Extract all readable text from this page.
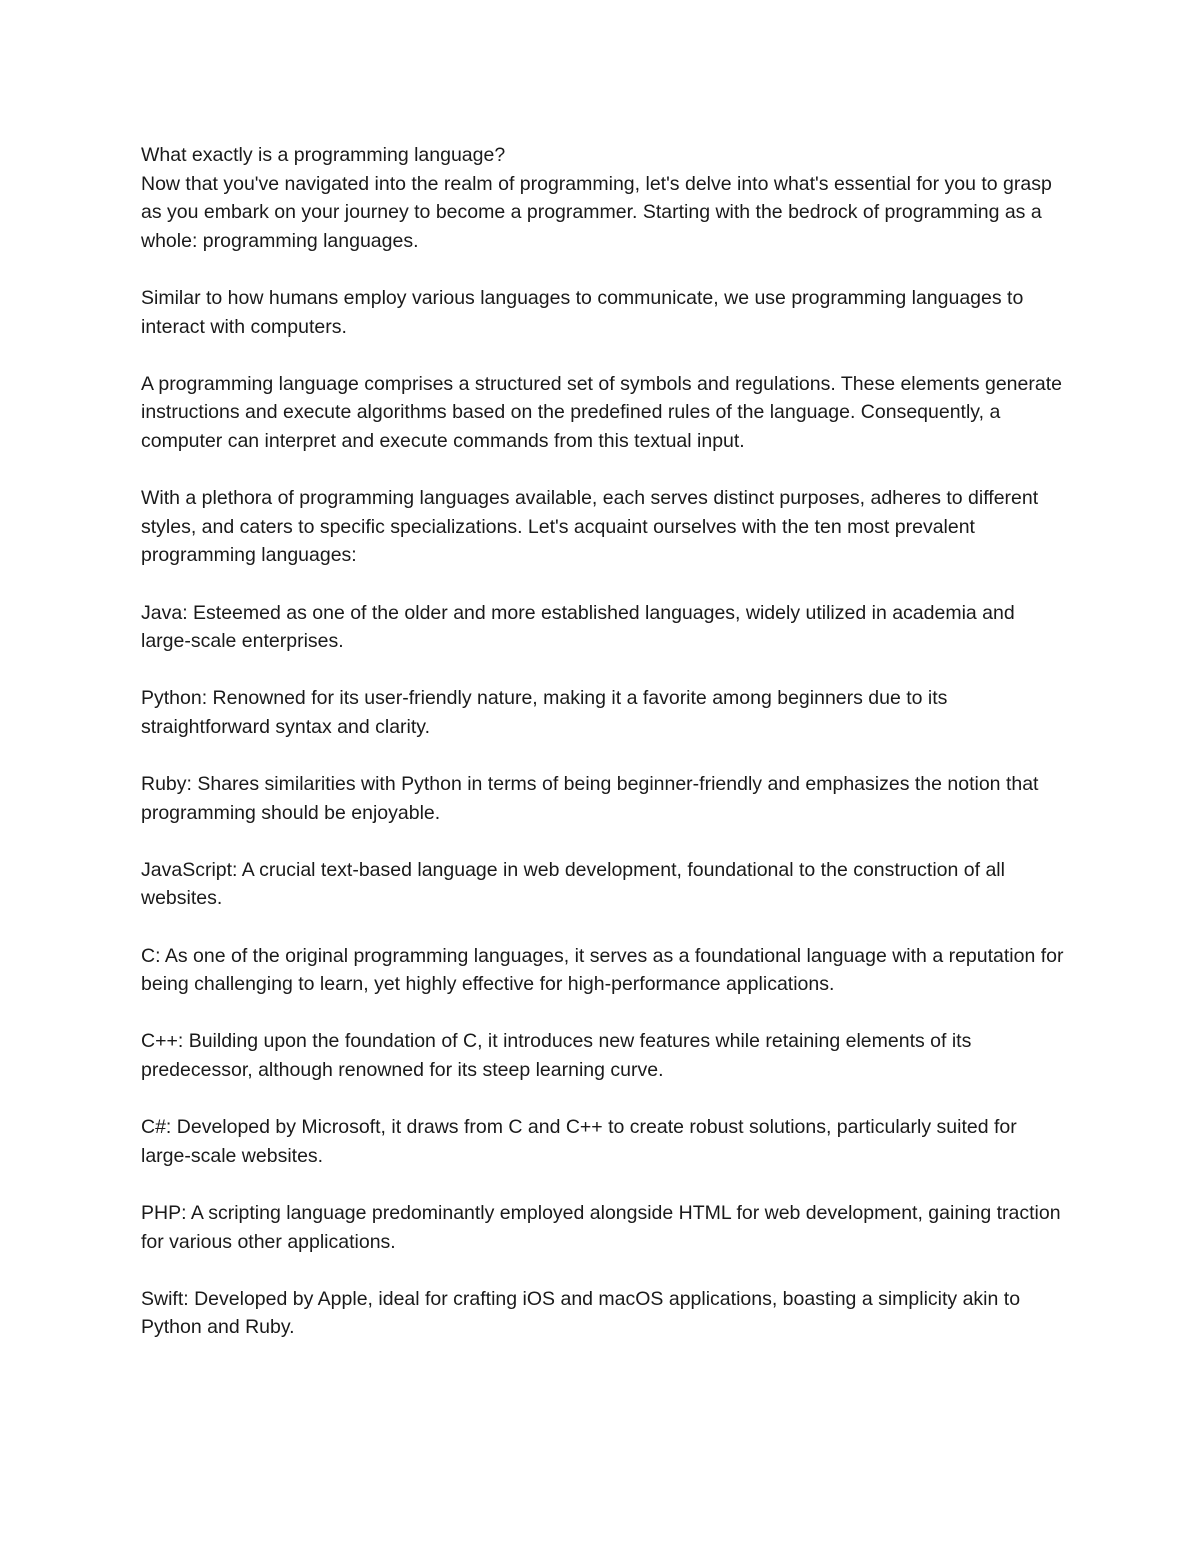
What exactly is a programming language?

Now that you've navigated into the realm of programming, let's delve into what's essential for you to grasp as you embark on your journey to become a programmer. Starting with the bedrock of programming as a whole: programming languages.

Similar to how humans employ various languages to communicate, we use programming languages to interact with computers.

A programming language comprises a structured set of symbols and regulations. These elements generate instructions and execute algorithms based on the predefined rules of the language. Consequently, a computer can interpret and execute commands from this textual input.

With a plethora of programming languages available, each serves distinct purposes, adheres to different styles, and caters to specific specializations. Let's acquaint ourselves with the ten most prevalent programming languages:

Java: Esteemed as one of the older and more established languages, widely utilized in academia and large-scale enterprises.

Python: Renowned for its user-friendly nature, making it a favorite among beginners due to its straightforward syntax and clarity.

Ruby: Shares similarities with Python in terms of being beginner-friendly and emphasizes the notion that programming should be enjoyable.

JavaScript: A crucial text-based language in web development, foundational to the construction of all websites.

C: As one of the original programming languages, it serves as a foundational language with a reputation for being challenging to learn, yet highly effective for high-performance applications.

C++: Building upon the foundation of C, it introduces new features while retaining elements of its predecessor, although renowned for its steep learning curve.

C#: Developed by Microsoft, it draws from C and C++ to create robust solutions, particularly suited for large-scale websites.

PHP: A scripting language predominantly employed alongside HTML for web development, gaining traction for various other applications.

Swift: Developed by Apple, ideal for crafting iOS and macOS applications, boasting a simplicity akin to Python and Ruby.
